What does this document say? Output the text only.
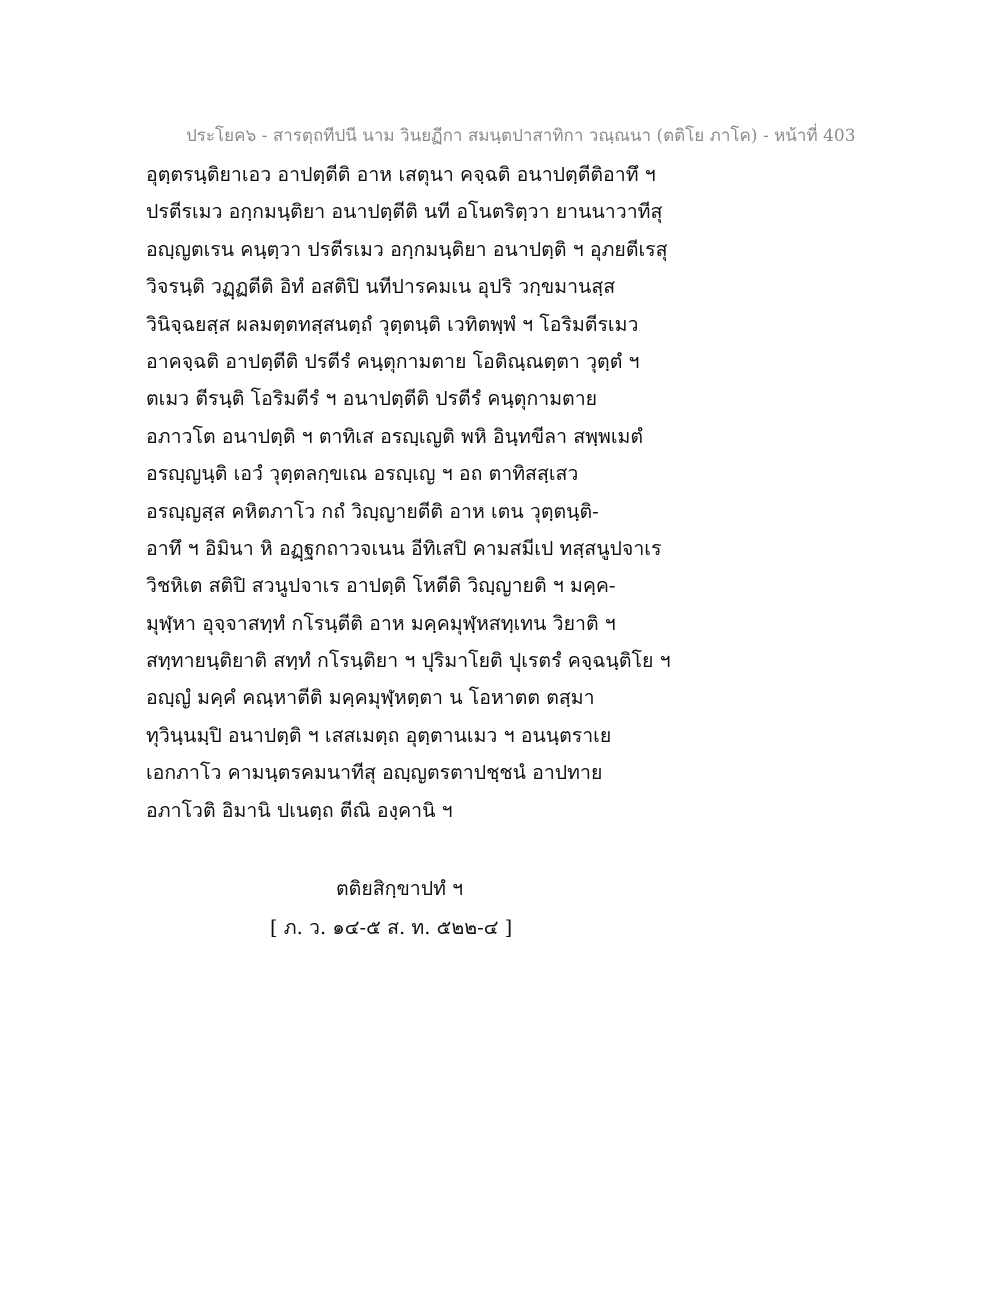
ประโยค๖ - สารตฺถทีปนี นาม วินยฏีกา สมนฺตปาสาทิกา วณฺณนา (ตติโย ภาโค) - หน้าที่ 403
อุตฺตรนฺติยาเอว อาปตฺตีติ อาห เสตุนา คจฺฉติ อนาปตฺตีติอาทึ ฯ
ปรตีรเมว อกฺกมนฺติยา อนาปตฺตีติ นที อโนตริตฺวา ยานนาวาทีสุ
อญฺญตเรน คนฺตฺวา ปรตีรเมว อกฺกมนฺติยา อนาปตฺติ ฯ อุภยตีเรสุ
วิจรนฺติ วฏฺฏตีติ อิทํ อสติปิ นทีปารคมเน อุปริ วกฺขมานสฺส
วินิจฺฉยสฺส ผลมตฺตทสฺสนตฺถํ วุตฺตนฺติ เวทิตพฺพํ ฯ โอริมตีรเมว
อาคจฺฉติ อาปตฺตีติ ปรตีรํ คนฺตุกามตาย โอติณฺณตฺตา วุตฺตํ ฯ
ตเมว ตีรนฺติ โอริมตีรํ ฯ อนาปตฺตีติ ปรตีรํ คนฺตุกามตาย
อภาวโต อนาปตฺติ ฯ ตาทิเส อรญฺเญติ พหิ อินฺทขีลา สพฺพเมตํ
อรญฺญนฺติ เอวํ วุตฺตลกฺขเณ อรญฺเญ ฯ อถ ตาทิสสฺเสว
อรญฺญสฺส คหิตภาโว กถํ วิญฺญายตีติ อาห เตน วุตฺตนฺติ-
อาทึ ฯ อิมินา หิ อฏฺฐกถาวจเนน อีทิเสปิ คามสมีเป ทสฺสนูปจาเร
วิชหิเต สติปิ สวนูปจาเร อาปตฺติ โหตีติ วิญฺญายติ ฯ มคฺค-
มุฬฺหา อุจฺจาสทฺทํ กโรนฺตีติ อาห มคฺคมุฬฺหสทฺเทน วิยาติ ฯ
สทฺทายนฺติยาติ สทฺทํ กโรนฺติยา ฯ ปุริมาโยติ ปุเรตรํ คจฺฉนฺติโย ฯ
อญฺญํ มคฺคํ คณฺหาตีติ มคฺคมุฬฺหตฺตา น โอหาตต ตสฺมา
ทุวินฺนมฺปิ อนาปตฺติ ฯ เสสเมตฺถ อุตฺตานเมว ฯ อนนฺตราเย
เอกภาโว คามนฺตรคมนาทีสุ อญฺญตรตาปชฺชนํ อาปทาย
อภาโวติ อิมานิ ปเนตฺถ ตีณิ องฺคานิ ฯ
ตติยสิกฺขาปทํ ฯ
[ ภ. ว. ๑๔-๕ ส. ท. ๕๒๒-๔ ]
